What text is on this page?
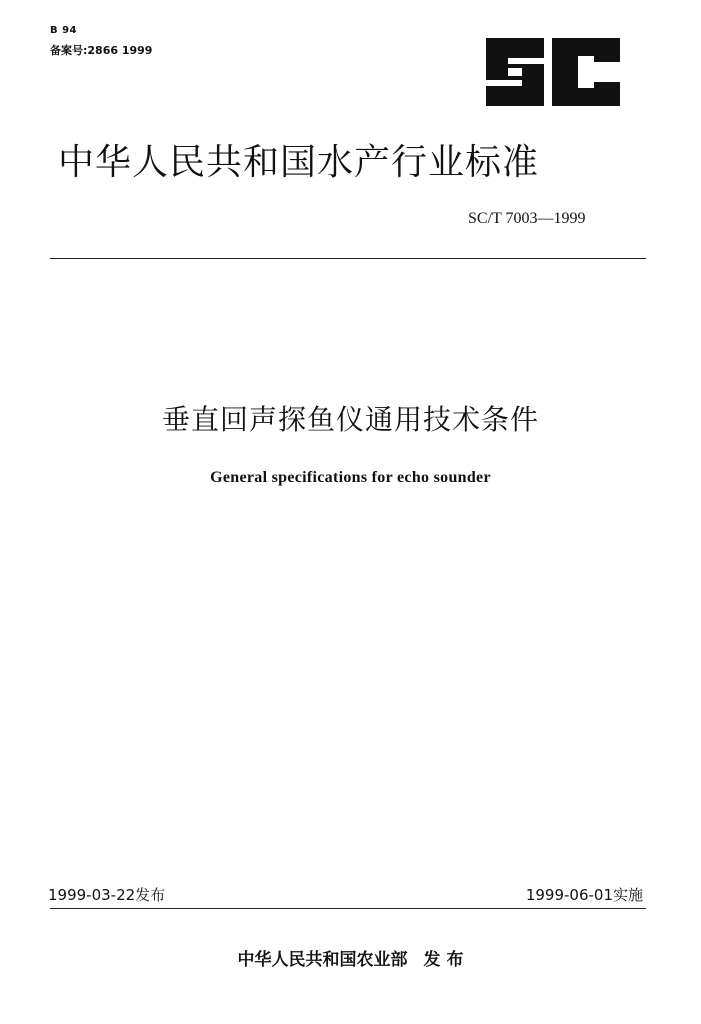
B 94
备案号:2866 1999
中华人民共和国水产行业标准
SC/T 7003—1999
垂直回声探鱼仪通用技术条件
General specifications for echo sounder
1999-03-22发布	1999-06-01实施
中华人民共和国农业部 发 布
